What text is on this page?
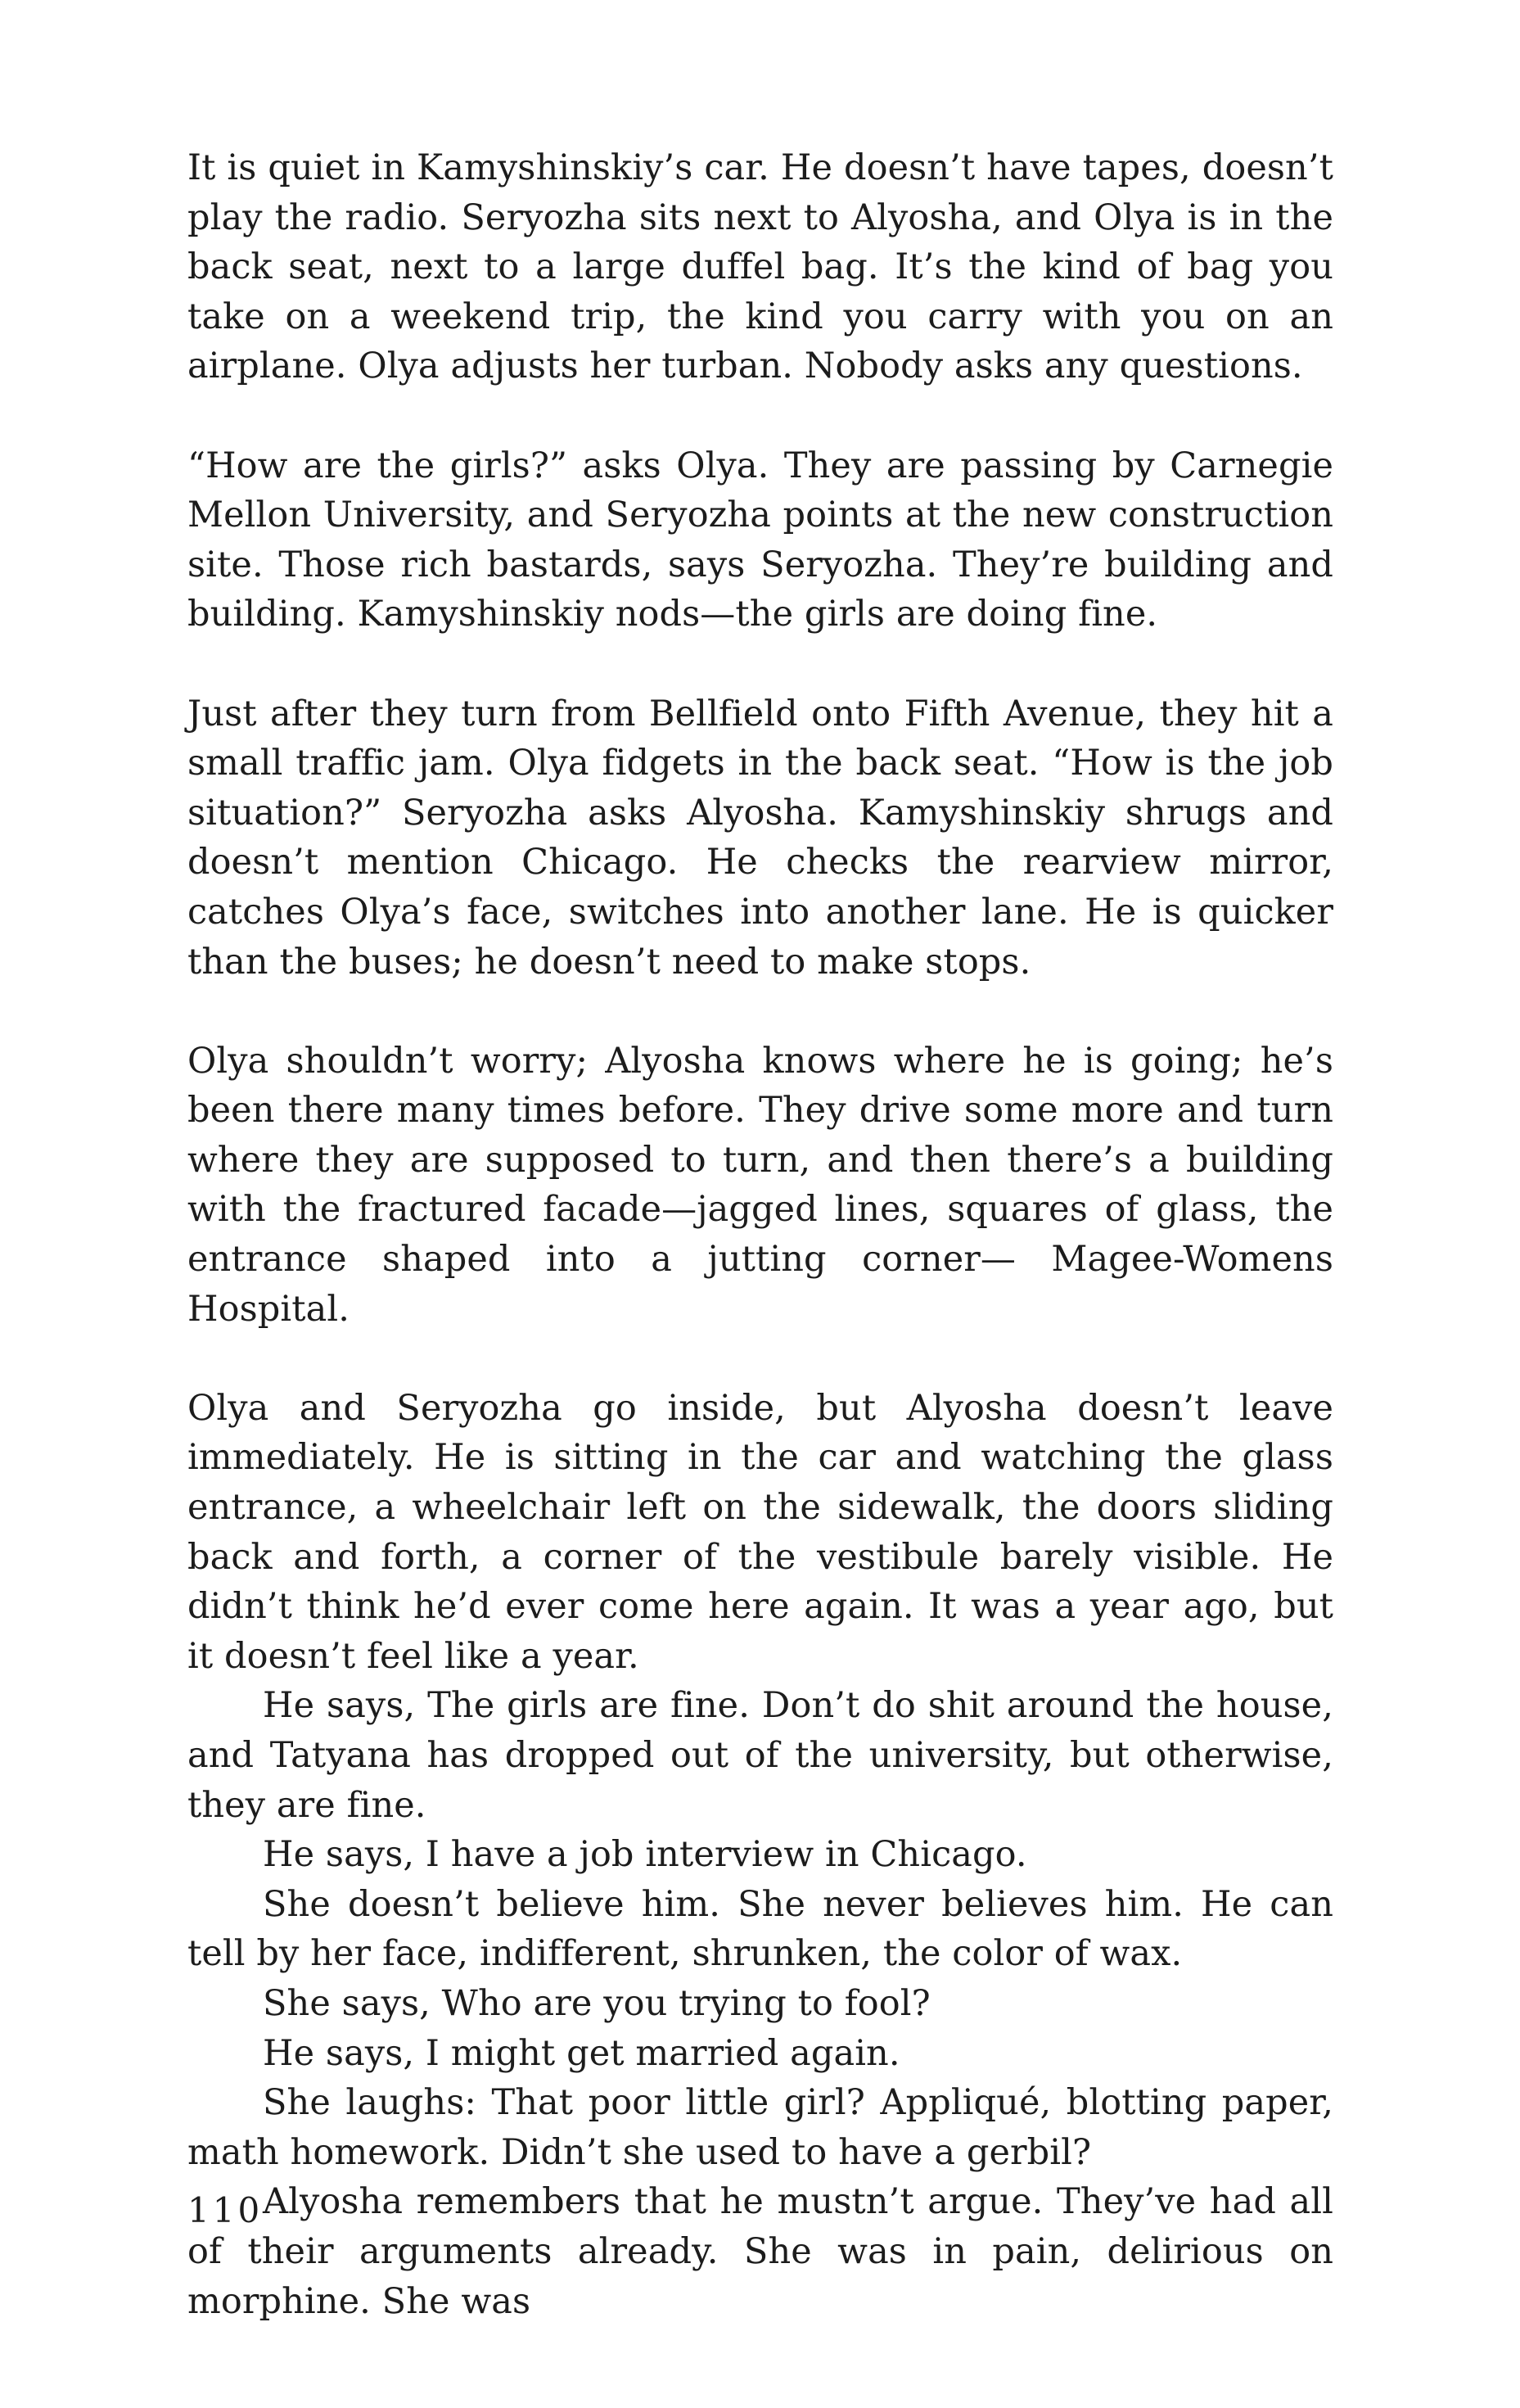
It is quiet in Kamyshinskiy’s car. He doesn’t have tapes, doesn’t play the radio. Seryozha sits next to Alyosha, and Olya is in the back seat, next to a large duffel bag. It’s the kind of bag you take on a weekend trip, the kind you carry with you on an airplane. Olya adjusts her turban. Nobody asks any questions.

“How are the girls?” asks Olya. They are passing by Carnegie Mellon University, and Seryozha points at the new construction site. Those rich bastards, says Seryozha. They’re building and building. Kamyshinskiy nods—the girls are doing fine.

Just after they turn from Bellfield onto Fifth Avenue, they hit a small traffic jam. Olya fidgets in the back seat. “How is the job situation?” Seryozha asks Alyosha. Kamyshinskiy shrugs and doesn’t mention Chicago. He checks the rearview mirror, catches Olya’s face, switches into another lane. He is quicker than the buses; he doesn’t need to make stops.

Olya shouldn’t worry; Alyosha knows where he is going; he’s been there many times before. They drive some more and turn where they are supposed to turn, and then there’s a building with the fractured facade—jagged lines, squares of glass, the entrance shaped into a jutting corner— Magee-Womens Hospital.

Olya and Seryozha go inside, but Alyosha doesn’t leave immediately. He is sitting in the car and watching the glass entrance, a wheelchair left on the sidewalk, the doors sliding back and forth, a corner of the vestibule barely visible. He didn’t think he’d ever come here again. It was a year ago, but it doesn’t feel like a year.

He says, The girls are fine. Don’t do shit around the house, and Tatyana has dropped out of the university, but otherwise, they are fine.

He says, I have a job interview in Chicago.

She doesn’t believe him. She never believes him. He can tell by her face, indifferent, shrunken, the color of wax.

She says, Who are you trying to fool?

He says, I might get married again.

She laughs: That poor little girl? Appliqué, blotting paper, math homework. Didn’t she used to have a gerbil?

Alyosha remembers that he mustn’t argue. They’ve had all of their arguments already. She was in pain, delirious on morphine. She was

110
